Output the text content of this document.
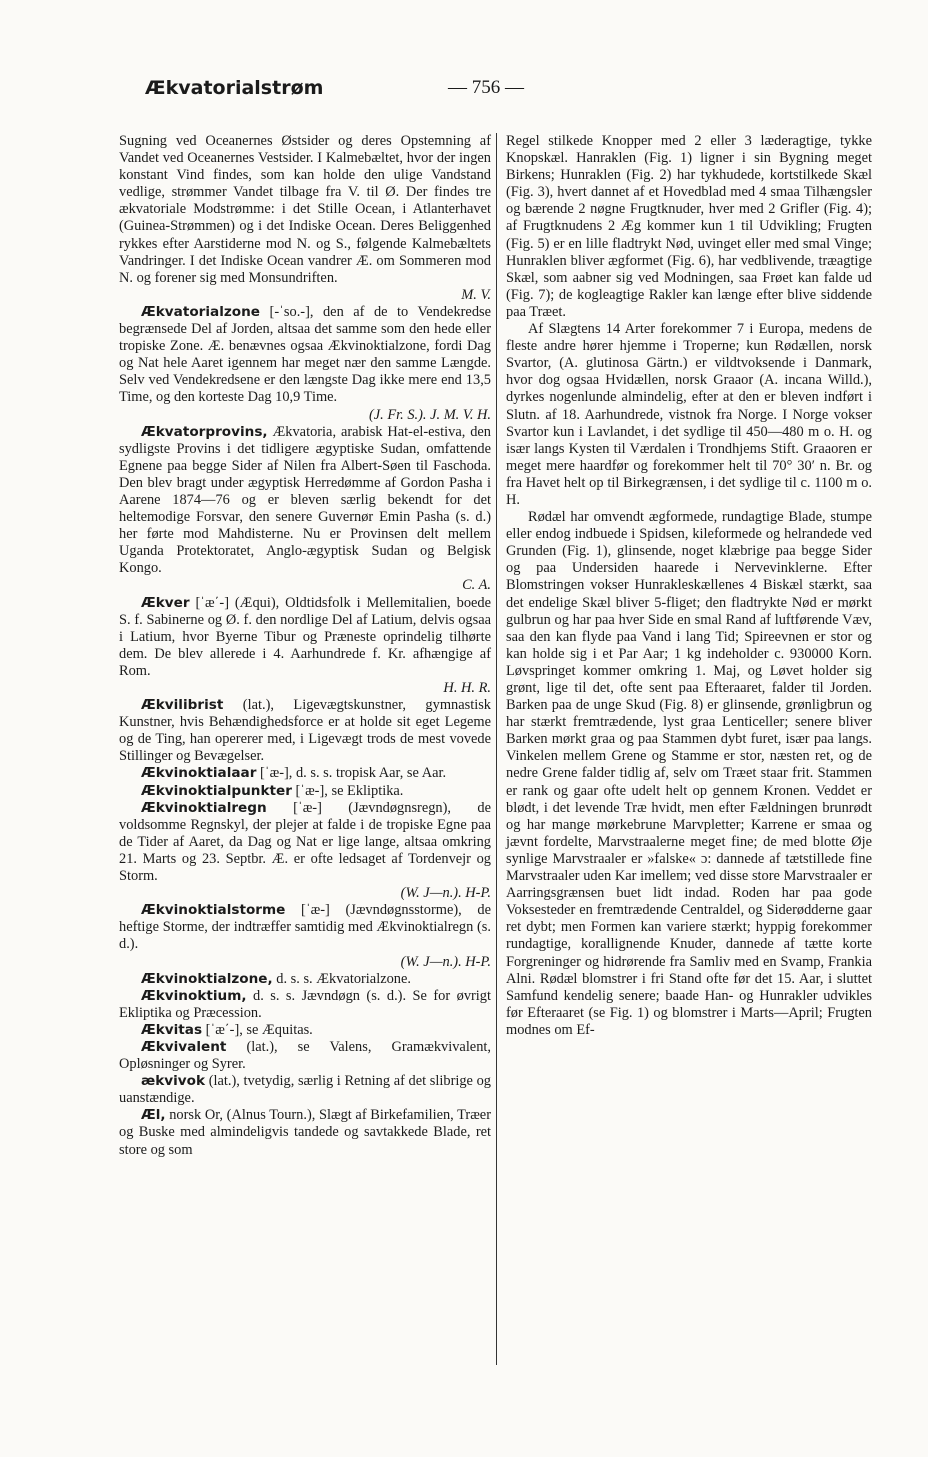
Ækvatorialstrøm	— 756 —
Sugning ved Oceanernes Østsider og deres Opstemning af Vandet ved Oceanernes Vestsider. I Kalmebæltet, hvor der ingen konstant Vind findes, som kan holde den ulige Vandstand vedlige, strømmer Vandet tilbage fra V. til Ø. Der findes tre ækvatoriale Modstrømme: i det Stille Ocean, i Atlanterhavet (Guinea-Strømmen) og i det Indiske Ocean. Deres Beliggenhed rykkes efter Aarstiderne mod N. og S., følgende Kalmebæltets Vandringer. I det Indiske Ocean vandrer Æ. om Sommeren mod N. og forener sig med Monsundriften.
M. V.
Ækvatorialzone [-ˈso.-], den af de to Vendekredse begrænsede Del af Jorden, altsaa det samme som den hede eller tropiske Zone. Æ. benævnes ogsaa Ækvinoktialzone, fordi Dag og Nat hele Aaret igennem har meget nær den samme Længde. Selv ved Vendekredsene er den længste Dag ikke mere end 13,5 Time, og den korteste Dag 10,9 Time.
(J. Fr. S.). J. M. V. H.
Ækvatorprovins, Ækvatoria, arabisk Hat-el-estiva, den sydligste Provins i det tidligere ægyptiske Sudan, omfattende Egnene paa begge Sider af Nilen fra Albert-Søen til Faschoda. Den blev bragt under ægyptisk Herredømme af Gordon Pasha i Aarene 1874—76 og er bleven særlig bekendt for det heltemodige Forsvar, den senere Guvernør Emin Pasha (s. d.) her førte mod Mahdisterne. Nu er Provinsen delt mellem Uganda Protektoratet, Anglo-ægyptisk Sudan og Belgisk Kongo.
C. A.
Ækver [ˈæ΄-] (Æqui), Oldtidsfolk i Mellemitalien, boede S. f. Sabinerne og Ø. f. den nordlige Del af Latium, delvis ogsaa i Latium, hvor Byerne Tibur og Præneste oprindelig tilhørte dem. De blev allerede i 4. Aarhundrede f. Kr. afhængige af Rom.
H. H. R.
Ækvilibrist (lat.), Ligevægtskunstner, gymnastisk Kunstner, hvis Behændighedsforce er at holde sit eget Legeme og de Ting, han opererer med, i Ligevægt trods de mest vovede Stillinger og Bevægelser.
Ækvinoktialaar [ˈæ-], d. s. s. tropisk Aar, se Aar.
Ækvinoktialpunkter [ˈæ-], se Ekliptika.
Ækvinoktialregn [ˈæ-] (Jævndøgnsregn), de voldsomme Regnskyl, der plejer at falde i de tropiske Egne paa de Tider af Aaret, da Dag og Nat er lige lange, altsaa omkring 21. Marts og 23. Septbr. Æ. er ofte ledsaget af Tordenvejr og Storm.
(W. J—n.). H-P.
Ækvinoktialstorme [ˈæ-] (Jævndøgnsstorme), de heftige Storme, der indtræffer samtidig med Ækvinoktialregn (s. d.).
(W. J—n.). H-P.
Ækvinoktialzone, d. s. s. Ækvatorialzone.
Ækvinoktium, d. s. s. Jævndøgn (s. d.). Se for øvrigt Ekliptika og Præcession.
Ækvitas [ˈæ΄-], se Æquitas.
Ækvivalent (lat.), se Valens, Gramækvivalent, Opløsninger og Syrer.
ækvivok (lat.), tvetydig, særlig i Retning af det slibrige og uanstændige.
Æl, norsk Or, (Alnus Tourn.), Slægt af Birkefamilien, Træer og Buske med almindeligvis tandede og savtakkede Blade, ret store og som
Regel stilkede Knopper med 2 eller 3 læderagtige, tykke Knopskæl. Hanraklen (Fig. 1) ligner i sin Bygning meget Birkens; Hunraklen (Fig. 2) har tykhudede, kortstilkede Skæl (Fig. 3), hvert dannet af et Hovedblad med 4 smaa Tilhængsler og bærende 2 nøgne Frugtknuder, hver med 2 Grifler (Fig. 4); af Frugtknudens 2 Æg kommer kun 1 til Udvikling; Frugten (Fig. 5) er en lille fladtrykt Nød, uvinget eller med smal Vinge; Hunraklen bliver ægformet (Fig. 6), har vedblivende, træagtige Skæl, som aabner sig ved Modningen, saa Frøet kan falde ud (Fig. 7); de kogleagtige Rakler kan længe efter blive siddende paa Træet.
Af Slægtens 14 Arter forekommer 7 i Europa, medens de fleste andre hører hjemme i Troperne; kun Rødællen, norsk Svartor, (A. glutinosa Gärtn.) er vildtvoksende i Danmark, hvor dog ogsaa Hvidællen, norsk Graaor (A. incana Willd.), dyrkes nogenlunde almindelig, efter at den er bleven indført i Slutn. af 18. Aarhundrede, vistnok fra Norge. I Norge vokser Svartor kun i Lavlandet, i det sydlige til 450—480 m o. H. og især langs Kysten til Værdalen i Trondhjems Stift. Graaoren er meget mere haardfør og forekommer helt til 70° 30′ n. Br. og fra Havet helt op til Birkegrænsen, i det sydlige til c. 1100 m o. H.
Rødæl har omvendt ægformede, rundagtige Blade, stumpe eller endog indbuede i Spidsen, kileformede og helrandede ved Grunden (Fig. 1), glinsende, noget klæbrige paa begge Sider og paa Undersiden haarede i Nervevinklerne. Efter Blomstringen vokser Hunrakleskællenes 4 Biskæl stærkt, saa det endelige Skæl bliver 5-fliget; den fladtrykte Nød er mørkt gulbrun og har paa hver Side en smal Rand af luftførende Væv, saa den kan flyde paa Vand i lang Tid; Spireevnen er stor og kan holde sig i et Par Aar; 1 kg indeholder c. 930000 Korn. Løvspringet kommer omkring 1. Maj, og Løvet holder sig grønt, lige til det, ofte sent paa Efteraaret, falder til Jorden. Barken paa de unge Skud (Fig. 8) er glinsende, grønligbrun og har stærkt fremtrædende, lyst graa Lenticeller; senere bliver Barken mørkt graa og paa Stammen dybt furet, især paa langs. Vinkelen mellem Grene og Stamme er stor, næsten ret, og de nedre Grene falder tidlig af, selv om Træet staar frit. Stammen er rank og gaar ofte udelt helt op gennem Kronen. Veddet er blødt, i det levende Træ hvidt, men efter Fældningen brunrødt og har mange mørkebrune Marvpletter; Karrene er smaa og jævnt fordelte, Marvstraalerne meget fine; de med blotte Øje synlige Marvstraaler er »falske« ɔ: dannede af tætstillede fine Marvstraaler uden Kar imellem; ved disse store Marvstraaler er Aarringsgrænsen buet lidt indad. Roden har paa gode Voksesteder en fremtrædende Centraldel, og Siderødderne gaar ret dybt; men Formen kan variere stærkt; hyppig forekommer rundagtige, korallignende Knuder, dannede af tætte korte Forgreninger og hidrørende fra Samliv med en Svamp, Frankia Alni. Rødæl blomstrer i fri Stand ofte før det 15. Aar, i sluttet Samfund kendelig senere; baade Han- og Hunrakler udvikles før Efteraaret (se Fig. 1) og blomstrer i Marts—April; Frugten modnes om Ef-
